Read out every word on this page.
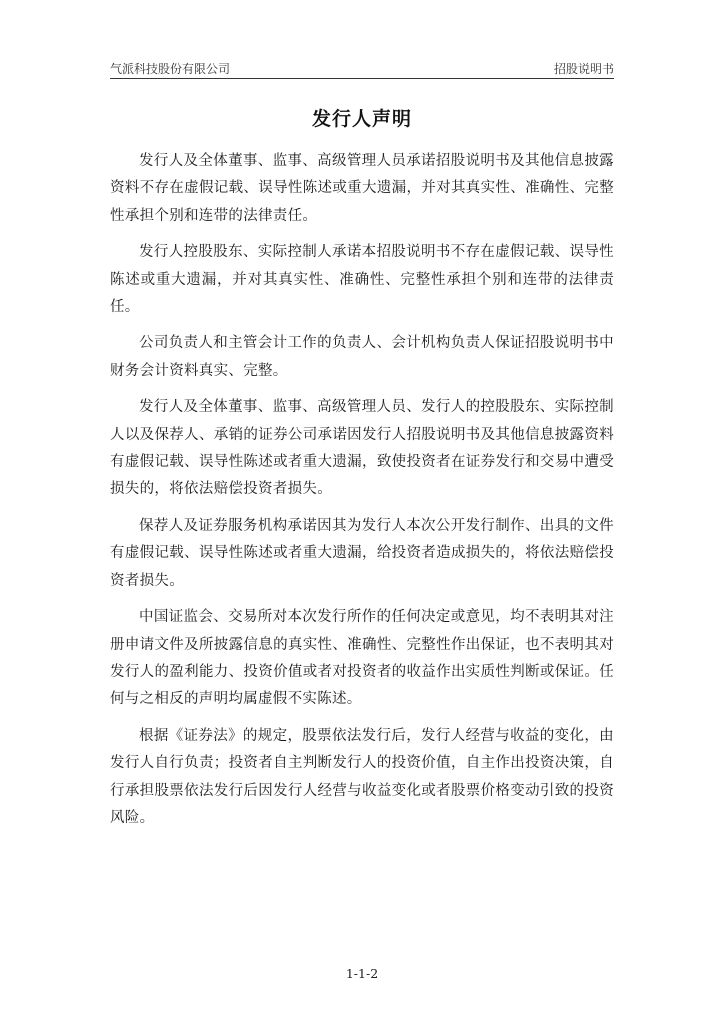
气派科技股份有限公司	招股说明书
发行人声明

发行人及全体董事、监事、高级管理人员承诺招股说明书及其他信息披露资料不存在虚假记载、误导性陈述或重大遗漏，并对其真实性、准确性、完整性承担个别和连带的法律责任。

发行人控股股东、实际控制人承诺本招股说明书不存在虚假记载、误导性陈述或重大遗漏，并对其真实性、准确性、完整性承担个别和连带的法律责任。

公司负责人和主管会计工作的负责人、会计机构负责人保证招股说明书中财务会计资料真实、完整。

发行人及全体董事、监事、高级管理人员、发行人的控股股东、实际控制人以及保荐人、承销的证券公司承诺因发行人招股说明书及其他信息披露资料有虚假记载、误导性陈述或者重大遗漏，致使投资者在证券发行和交易中遭受损失的，将依法赔偿投资者损失。

保荐人及证券服务机构承诺因其为发行人本次公开发行制作、出具的文件有虚假记载、误导性陈述或者重大遗漏，给投资者造成损失的，将依法赔偿投资者损失。

中国证监会、交易所对本次发行所作的任何决定或意见，均不表明其对注册申请文件及所披露信息的真实性、准确性、完整性作出保证，也不表明其对发行人的盈利能力、投资价值或者对投资者的收益作出实质性判断或保证。任何与之相反的声明均属虚假不实陈述。

根据《证券法》的规定，股票依法发行后，发行人经营与收益的变化，由发行人自行负责；投资者自主判断发行人的投资价值，自主作出投资决策，自行承担股票依法发行后因发行人经营与收益变化或者股票价格变动引致的投资风险。

1-1-2
